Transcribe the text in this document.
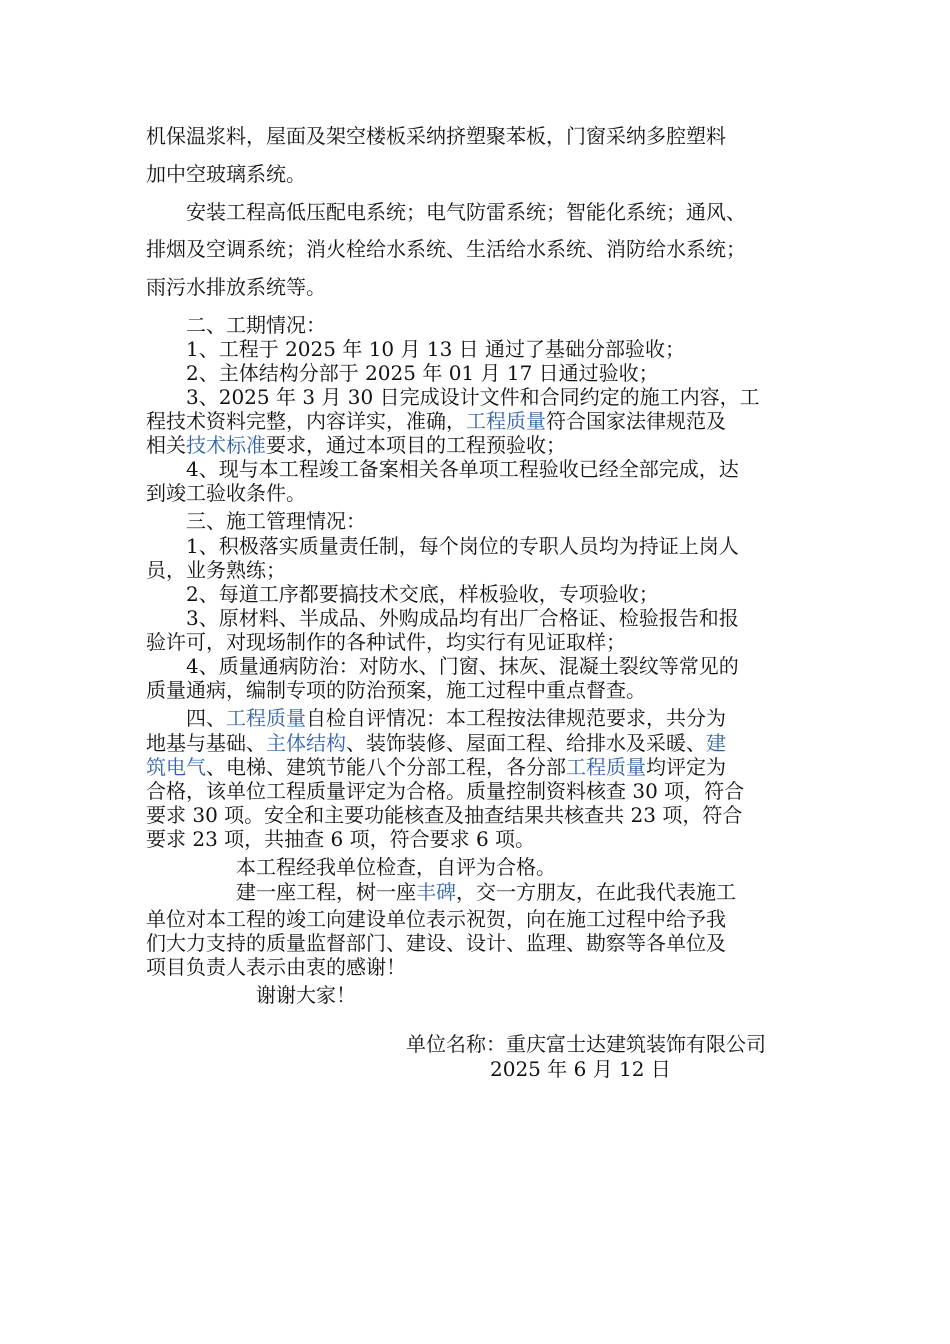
机保温浆料，屋面及架空楼板采纳挤塑聚苯板，门窗采纳多腔塑料
加中空玻璃系统。
安装工程高低压配电系统；电气防雷系统；智能化系统；通风、
排烟及空调系统；消火栓给水系统、生活给水系统、消防给水系统；
雨污水排放系统等。
二、工期情况：
1、工程于 2025 年 10 月 13 日 通过了基础分部验收；
2、主体结构分部于 2025 年 01 月 17 日通过验收；
3、2025 年 3 月 30 日完成设计文件和合同约定的施工内容，工
程技术资料完整，内容详实，准确，工程质量符合国家法律规范及
相关技术标准要求，通过本项目的工程预验收；
4、现与本工程竣工备案相关各单项工程验收已经全部完成，达
到竣工验收条件。
三、施工管理情况：
1、积极落实质量责任制，每个岗位的专职人员均为持证上岗人
员，业务熟练；
2、每道工序都要搞技术交底，样板验收，专项验收；
3、原材料、半成品、外购成品均有出厂合格证、检验报告和报
验许可，对现场制作的各种试件，均实行有见证取样；
4、质量通病防治：对防水、门窗、抹灰、混凝土裂纹等常见的
质量通病，编制专项的防治预案，施工过程中重点督查。
四、工程质量自检自评情况：本工程按法律规范要求，共分为
地基与基础、主体结构、装饰装修、屋面工程、给排水及采暖、建
筑电气、电梯、建筑节能八个分部工程，各分部工程质量均评定为
合格，该单位工程质量评定为合格。质量控制资料核查 30 项，符合
要求 30 项。安全和主要功能核查及抽查结果共核查共 23 项，符合
要求 23 项，共抽查 6 项，符合要求 6 项。
本工程经我单位检查，自评为合格。
建一座工程，树一座丰碑，交一方朋友，在此我代表施工
单位对本工程的竣工向建设单位表示祝贺，向在施工过程中给予我
们大力支持的质量监督部门、建设、设计、监理、勘察等各单位及
项目负责人表示由衷的感谢！
谢谢大家！
单位名称：重庆富士达建筑装饰有限公司
2025 年 6 月 12 日
